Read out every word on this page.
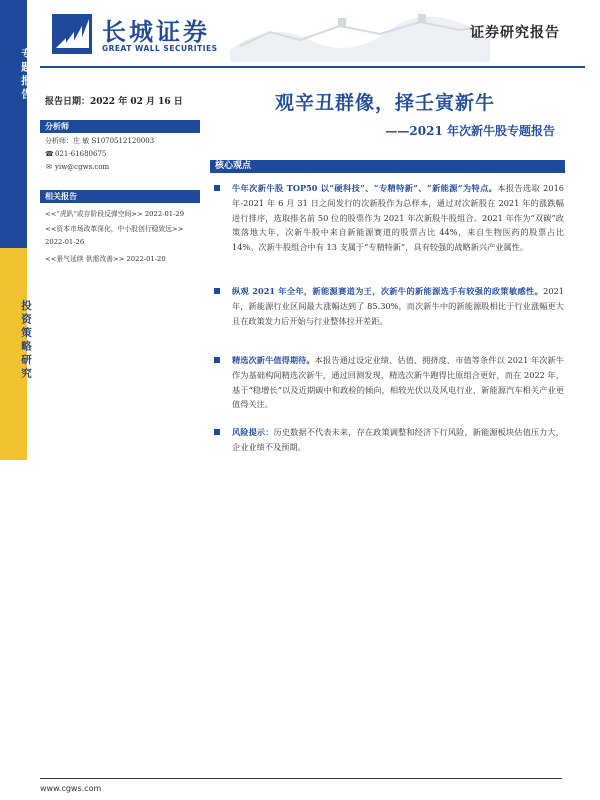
专题报告
投资策略研究
长城证券
GREAT WALL SECURITIES
证券研究报告
报告日期：2022 年 02 月 16 日
分析师
分析师：庄 敏 S1070512120003
☎021-61680675
✉ yiw@cgws.com
相关报告
<<“虎趴”或存阶段反弹空间>> 2022-01-29
<<资本市场改革深化，中小股创行稳致远>>
2022-01-26
<<景气延续 供需改善>> 2022-01-20
观辛丑群像，择壬寅新牛
——2021 年次新牛股专题报告
核心观点
牛年次新牛股 TOP50 以“硬科技”、“专精特新”、“新能源”为特点。本报告选取 2016 年-2021 年 6 月 31 日之间发行的次新股作为总样本，通过对次新股在 2021 年的涨跌幅进行排序，选取排名前 50 位的股票作为 2021 年次新股牛股组合。2021 年作为“双碳”政策落地大年，次新牛股中来自新能源赛道的股票占比 44%，来自生物医药的股票占比 14%。次新牛股组合中有 13 支属于“专精特新”，具有较强的战略新兴产业属性。
纵观 2021 年全年，新能源赛道为王，次新牛的新能源选手有较强的政策敏感性。2021 年，新能源行业区间最大涨幅达到了 85.30%，而次新牛中的新能源股相比于行业涨幅更大且在政策发力后开始与行业整体拉开差距。
精选次新牛值得期待。本报告通过设定业绩、估值、拥挤度、市值等条件以 2021 年次新牛作为基础构间精选次新牛，通过回测发现，精选次新牛跑得比原组合更好，而在 2022 年，基于“稳增长”以及近期碳中和政检的倾向，相较光伏以及风电行业，新能源汽车相关产业更值得关注。
风险提示：历史数据不代表未来，存在政策调整和经济下行风险，新能源板块估值压力大，企业业绩不及预期。
www.cgws.com
